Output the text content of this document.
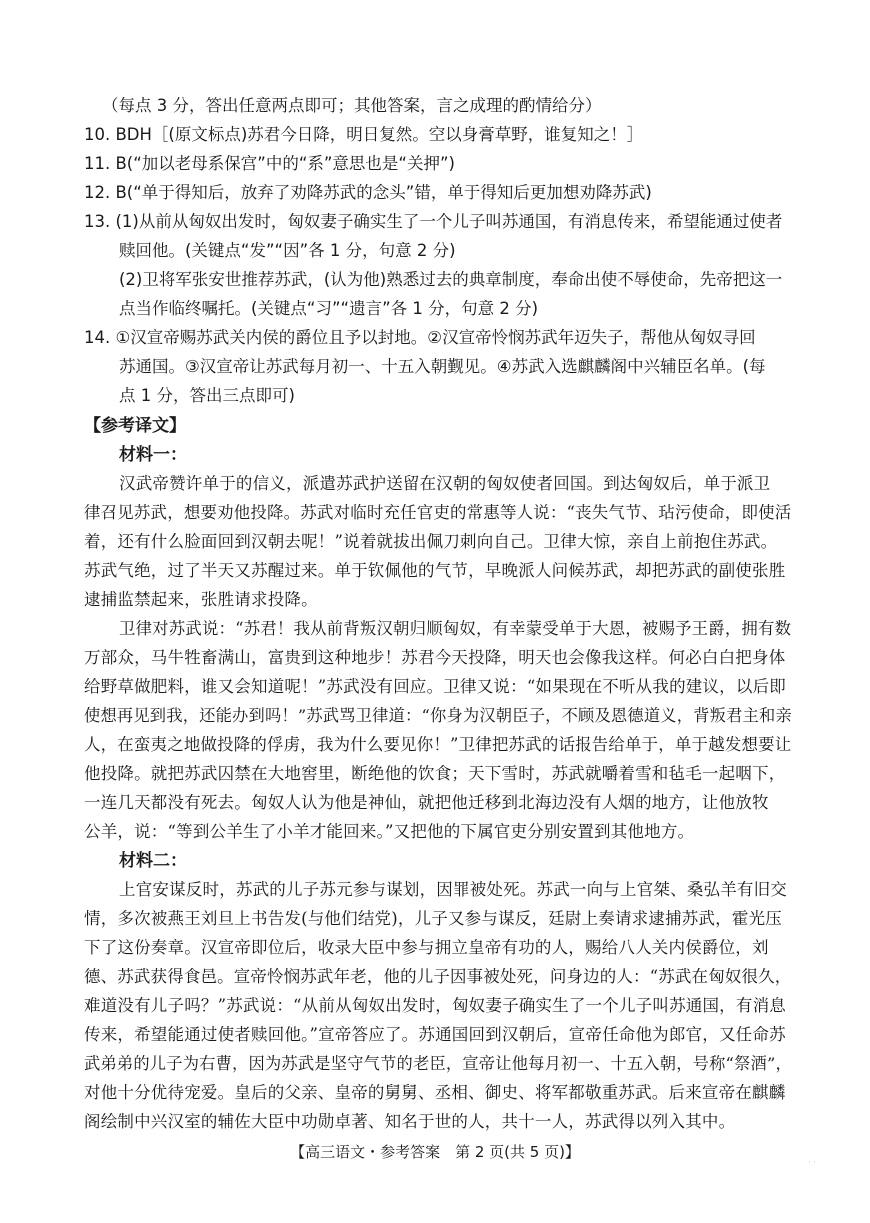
（每点 3 分，答出任意两点即可；其他答案，言之成理的酌情给分）
10. BDH［(原文标点)苏君今日降，明日复然。空以身膏草野，谁复知之！］
11. B(“加以老母系保宫”中的“系”意思也是“关押”)
12. B(“单于得知后，放弃了劝降苏武的念头”错，单于得知后更加想劝降苏武)
13. (1)从前从匈奴出发时，匈奴妻子确实生了一个儿子叫苏通国，有消息传来，希望能通过使者
赎回他。(关键点“发”“因”各 1 分，句意 2 分)
(2)卫将军张安世推荐苏武，(认为他)熟悉过去的典章制度，奉命出使不辱使命，先帝把这一
点当作临终嘱托。(关键点“习”“遗言”各 1 分，句意 2 分)
14. ①汉宣帝赐苏武关内侯的爵位且予以封地。②汉宣帝怜悯苏武年迈失子，帮他从匈奴寻回
苏通国。③汉宣帝让苏武每月初一、十五入朝觐见。④苏武入选麒麟阁中兴辅臣名单。(每
点 1 分，答出三点即可)
【参考译文】
材料一：
汉武帝赞许单于的信义，派遣苏武护送留在汉朝的匈奴使者回国。到达匈奴后，单于派卫
律召见苏武，想要劝他投降。苏武对临时充任官吏的常惠等人说：“丧失气节、玷污使命，即使活
着，还有什么脸面回到汉朝去呢！”说着就拔出佩刀刺向自己。卫律大惊，亲自上前抱住苏武。
苏武气绝，过了半天又苏醒过来。单于钦佩他的气节，早晚派人问候苏武，却把苏武的副使张胜
逮捕监禁起来，张胜请求投降。
卫律对苏武说：“苏君！我从前背叛汉朝归顺匈奴，有幸蒙受单于大恩，被赐予王爵，拥有数
万部众，马牛牲畜满山，富贵到这种地步！苏君今天投降，明天也会像我这样。何必白白把身体
给野草做肥料，谁又会知道呢！”苏武没有回应。卫律又说：“如果现在不听从我的建议，以后即
使想再见到我，还能办到吗！”苏武骂卫律道：“你身为汉朝臣子，不顾及恩德道义，背叛君主和亲
人，在蛮夷之地做投降的俘虏，我为什么要见你！”卫律把苏武的话报告给单于，单于越发想要让
他投降。就把苏武囚禁在大地窖里，断绝他的饮食；天下雪时，苏武就嚼着雪和毡毛一起咽下，
一连几天都没有死去。匈奴人认为他是神仙，就把他迁移到北海边没有人烟的地方，让他放牧
公羊，说：“等到公羊生了小羊才能回来。”又把他的下属官吏分别安置到其他地方。
材料二：
上官安谋反时，苏武的儿子苏元参与谋划，因罪被处死。苏武一向与上官桀、桑弘羊有旧交
情，多次被燕王刘旦上书告发(与他们结党)，儿子又参与谋反，廷尉上奏请求逮捕苏武，霍光压
下了这份奏章。汉宣帝即位后，收录大臣中参与拥立皇帝有功的人，赐给八人关内侯爵位，刘
德、苏武获得食邑。宣帝怜悯苏武年老，他的儿子因事被处死，问身边的人：“苏武在匈奴很久，
难道没有儿子吗？”苏武说：“从前从匈奴出发时，匈奴妻子确实生了一个儿子叫苏通国，有消息
传来，希望能通过使者赎回他。”宣帝答应了。苏通国回到汉朝后，宣帝任命他为郎官，又任命苏
武弟弟的儿子为右曹，因为苏武是坚守气节的老臣，宣帝让他每月初一、十五入朝，号称“祭酒”，
对他十分优待宠爱。皇后的父亲、皇帝的舅舅、丞相、御史、将军都敬重苏武。后来宣帝在麒麟
阁绘制中兴汉室的辅佐大臣中功勋卓著、知名于世的人，共十一人，苏武得以列入其中。
【高三语文・参考答案　第 2 页(共 5 页)】
· ·
